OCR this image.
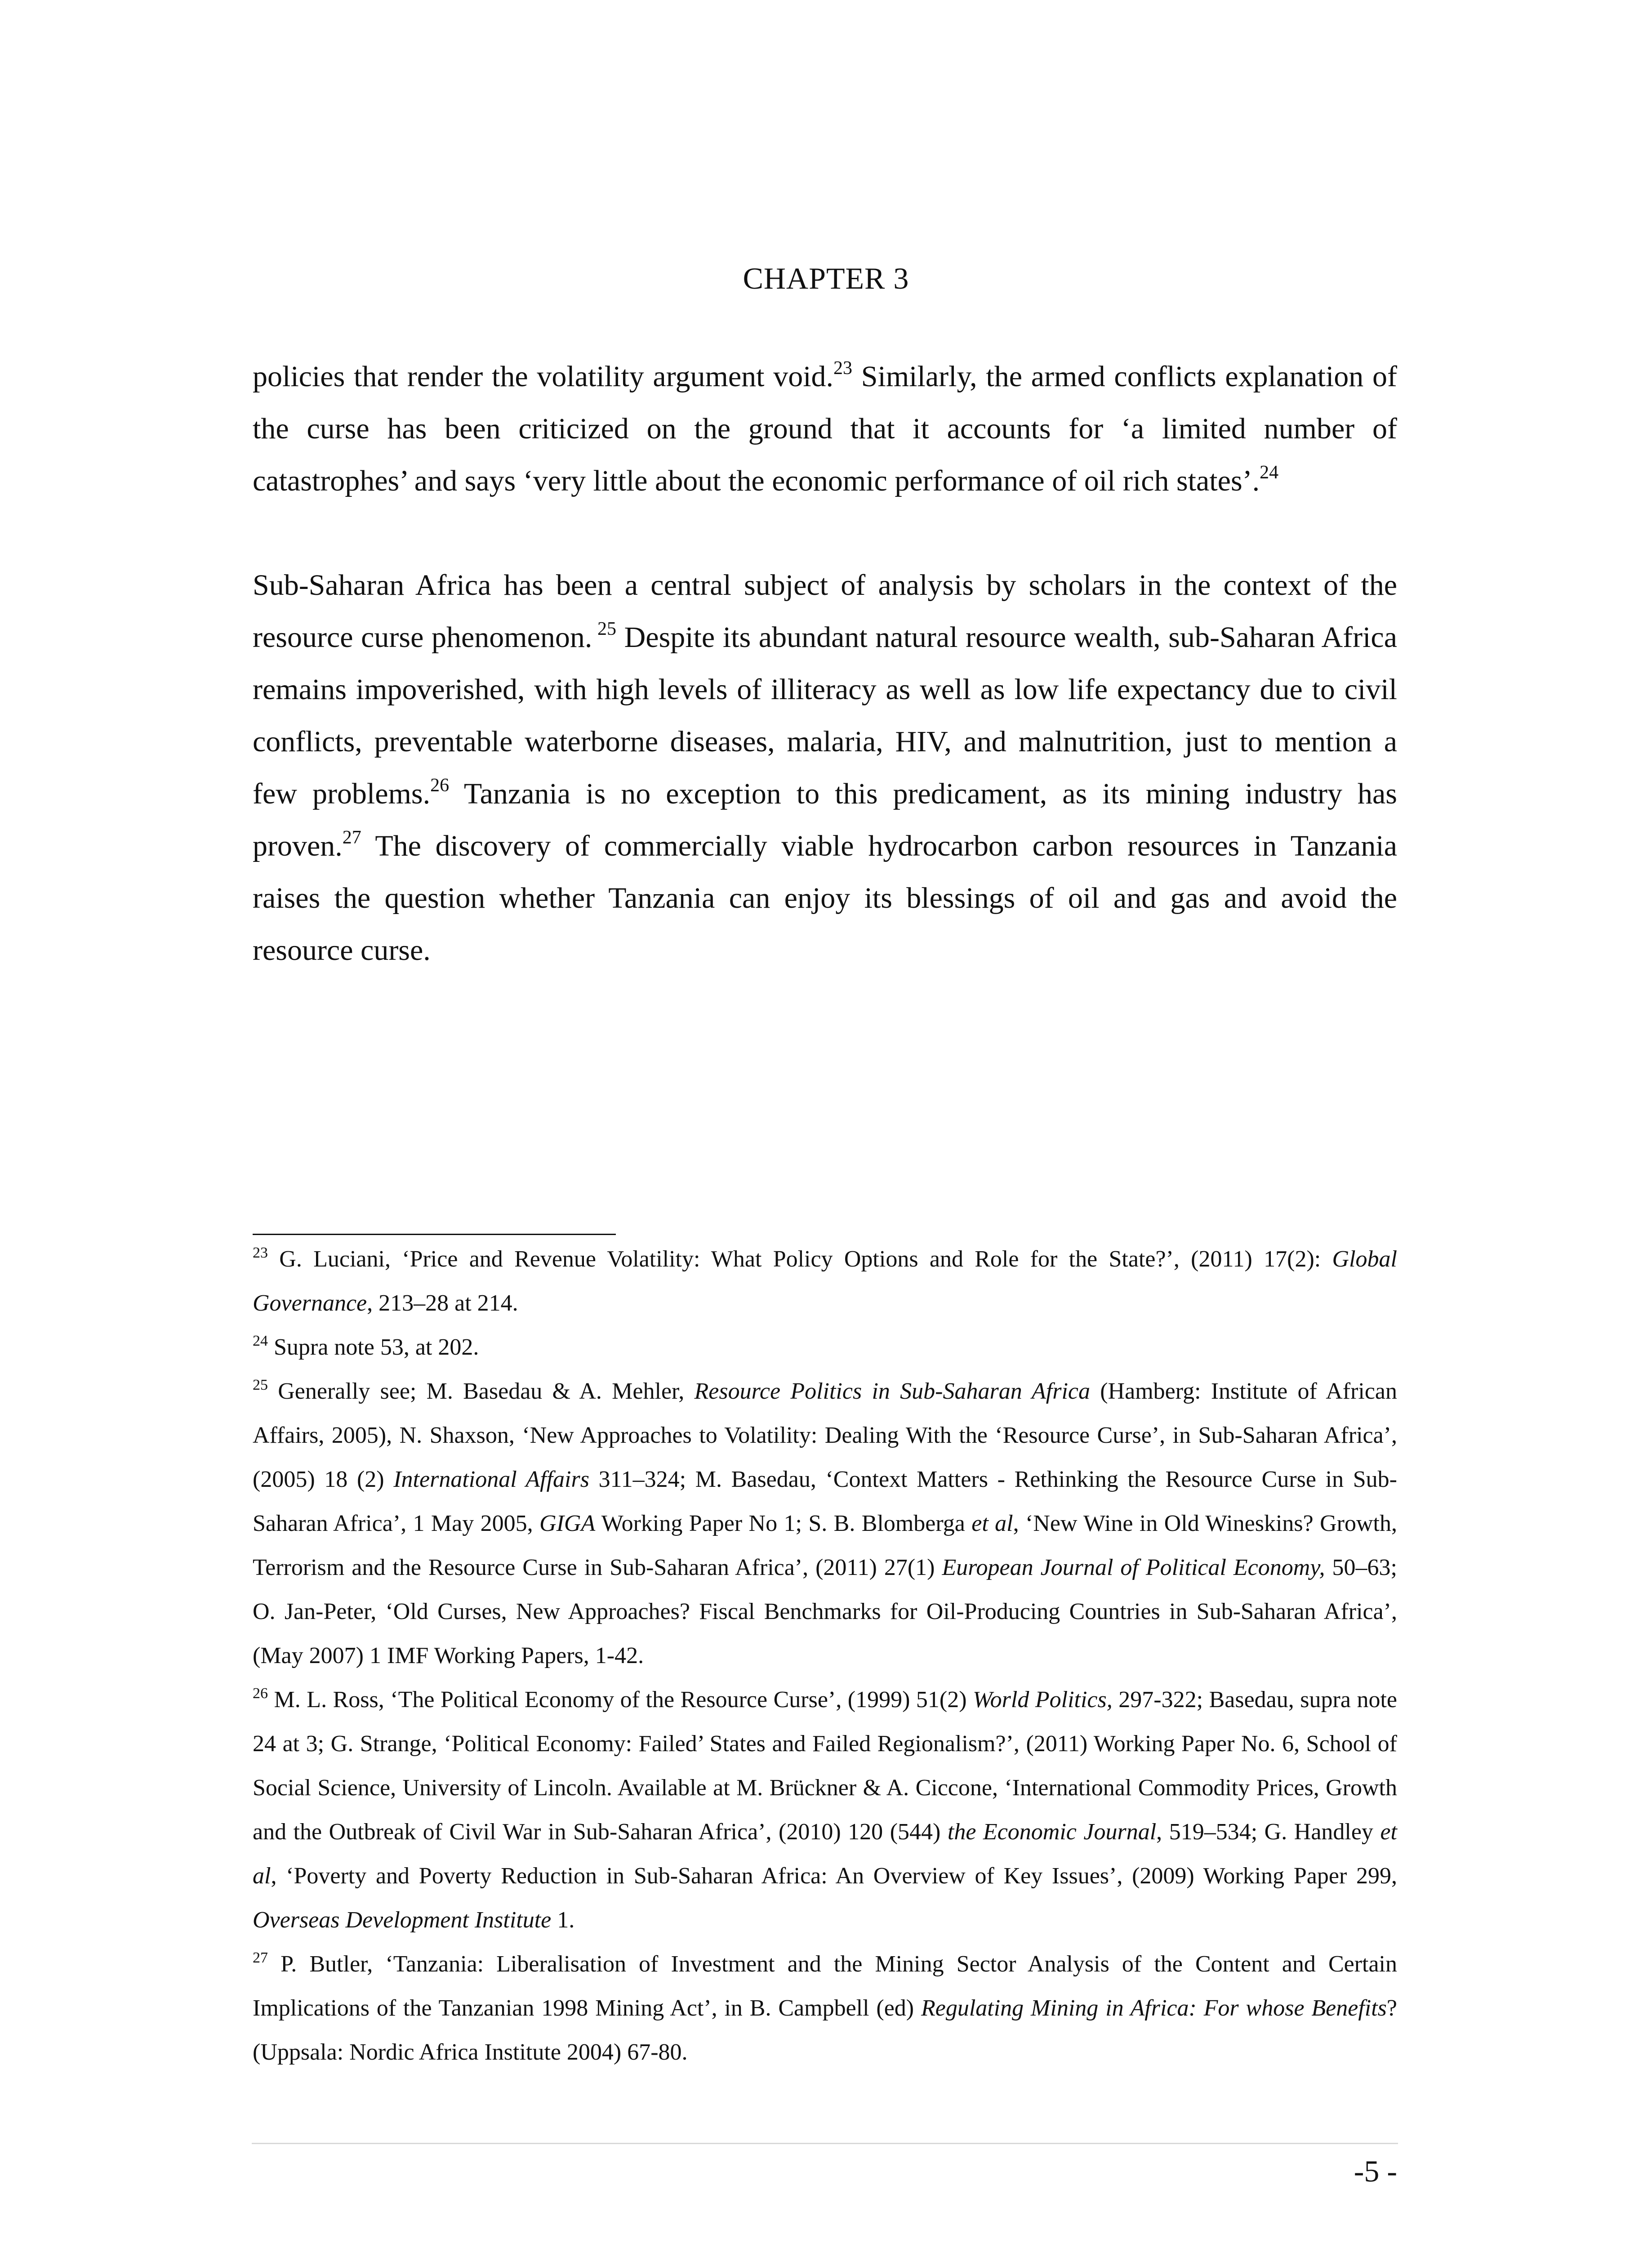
CHAPTER 3

policies that render the volatility argument void.$^{23}$ Similarly, the armed conflicts explanation of the curse has been criticized on the ground that it accounts for ‘a limited number of catastrophes’ and says ‘very little about the economic performance of oil rich states’.$^{24}$

Sub-Saharan Africa has been a central subject of analysis by scholars in the context of the resource curse phenomenon. $^{25}$ Despite its abundant natural resource wealth, sub-Saharan Africa remains impoverished, with high levels of illiteracy as well as low life expectancy due to civil conflicts, preventable waterborne diseases, malaria, HIV, and malnutrition, just to mention a few problems.$^{26}$ Tanzania is no exception to this predicament, as its mining industry has proven.$^{27}$ The discovery of commercially viable hydrocarbon carbon resources in Tanzania raises the question whether Tanzania can enjoy its blessings of oil and gas and avoid the resource curse.

$^{23}$ G. Luciani, ‘Price and Revenue Volatility: What Policy Options and Role for the State?’, (2011) 17(2): Global Governance, 213–28 at 214.

$^{24}$ Supra note 53, at 202.

$^{25}$ Generally see; M. Basedau & A. Mehler, Resource Politics in Sub-Saharan Africa (Hamberg: Institute of African Affairs, 2005), N. Shaxson, ‘New Approaches to Volatility: Dealing With the ‘Resource Curse’, in Sub-Saharan Africa’, (2005) 18 (2) International Affairs 311–324; M. Basedau, ‘Context Matters - Rethinking the Resource Curse in Sub-Saharan Africa’, 1 May 2005, GIGA Working Paper No 1; S. B. Blomberga et al, ‘New Wine in Old Wineskins? Growth, Terrorism and the Resource Curse in Sub-Saharan Africa’, (2011) 27(1) European Journal of Political Economy, 50–63; O. Jan-Peter, ‘Old Curses, New Approaches? Fiscal Benchmarks for Oil-Producing Countries in Sub-Saharan Africa’, (May 2007) 1 IMF Working Papers, 1-42.

$^{26}$ M. L. Ross, ‘The Political Economy of the Resource Curse’, (1999) 51(2) World Politics, 297-322; Basedau, supra note 24 at 3; G. Strange, ‘Political Economy: Failed’ States and Failed Regionalism?’, (2011) Working Paper No. 6, School of Social Science, University of Lincoln. Available at M. Brückner & A. Ciccone, ‘International Commodity Prices, Growth and the Outbreak of Civil War in Sub-Saharan Africa’, (2010) 120 (544) the Economic Journal, 519–534; G. Handley et al, ‘Poverty and Poverty Reduction in Sub-Saharan Africa: An Overview of Key Issues’, (2009) Working Paper 299, Overseas Development Institute 1.

$^{27}$ P. Butler, ‘Tanzania: Liberalisation of Investment and the Mining Sector Analysis of the Content and Certain Implications of the Tanzanian 1998 Mining Act’, in B. Campbell (ed) Regulating Mining in Africa: For whose Benefits? (Uppsala: Nordic Africa Institute 2004) 67-80.

-5 -
